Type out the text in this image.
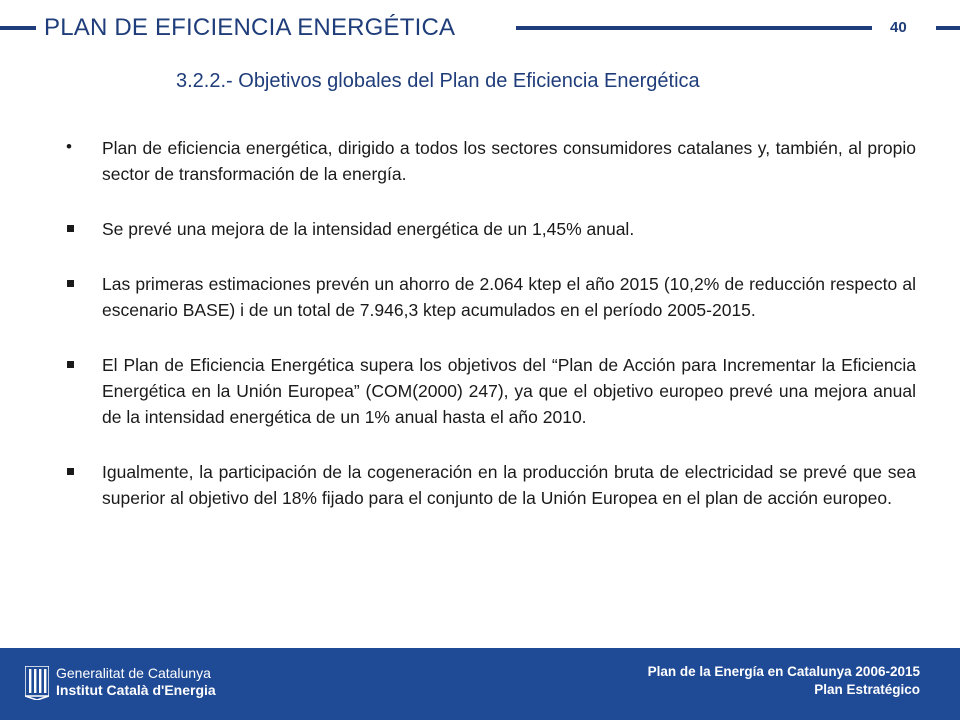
PLAN DE EFICIENCIA ENERGÉTICA	40
3.2.2.- Objetivos globales del Plan de Eficiencia Energética
• Plan de eficiencia energética, dirigido a todos los sectores consumidores catalanes y, también, al propio sector de transformación de la energía.
Se prevé una mejora de la intensidad energética de un 1,45% anual.
Las primeras estimaciones prevén un ahorro de 2.064 ktep el año 2015 (10,2% de reducción respecto al escenario BASE) i de un total de 7.946,3 ktep acumulados en el período 2005-2015.
El Plan de Eficiencia Energética supera los objetivos del “Plan de Acción para Incrementar la Eficiencia Energética en la Unión Europea” (COM(2000) 247), ya que el objetivo europeo prevé una mejora anual de la intensidad energética de un 1% anual hasta el año 2010.
Igualmente, la participación de la cogeneración en la producción bruta de electricidad se prevé que sea superior al objetivo del 18% fijado para el conjunto de la Unión Europea en el plan de acción europeo.
Generalitat de Catalunya
Institut Català d'Energia
Plan de la Energía en Catalunya 2006-2015
Plan Estratégico
